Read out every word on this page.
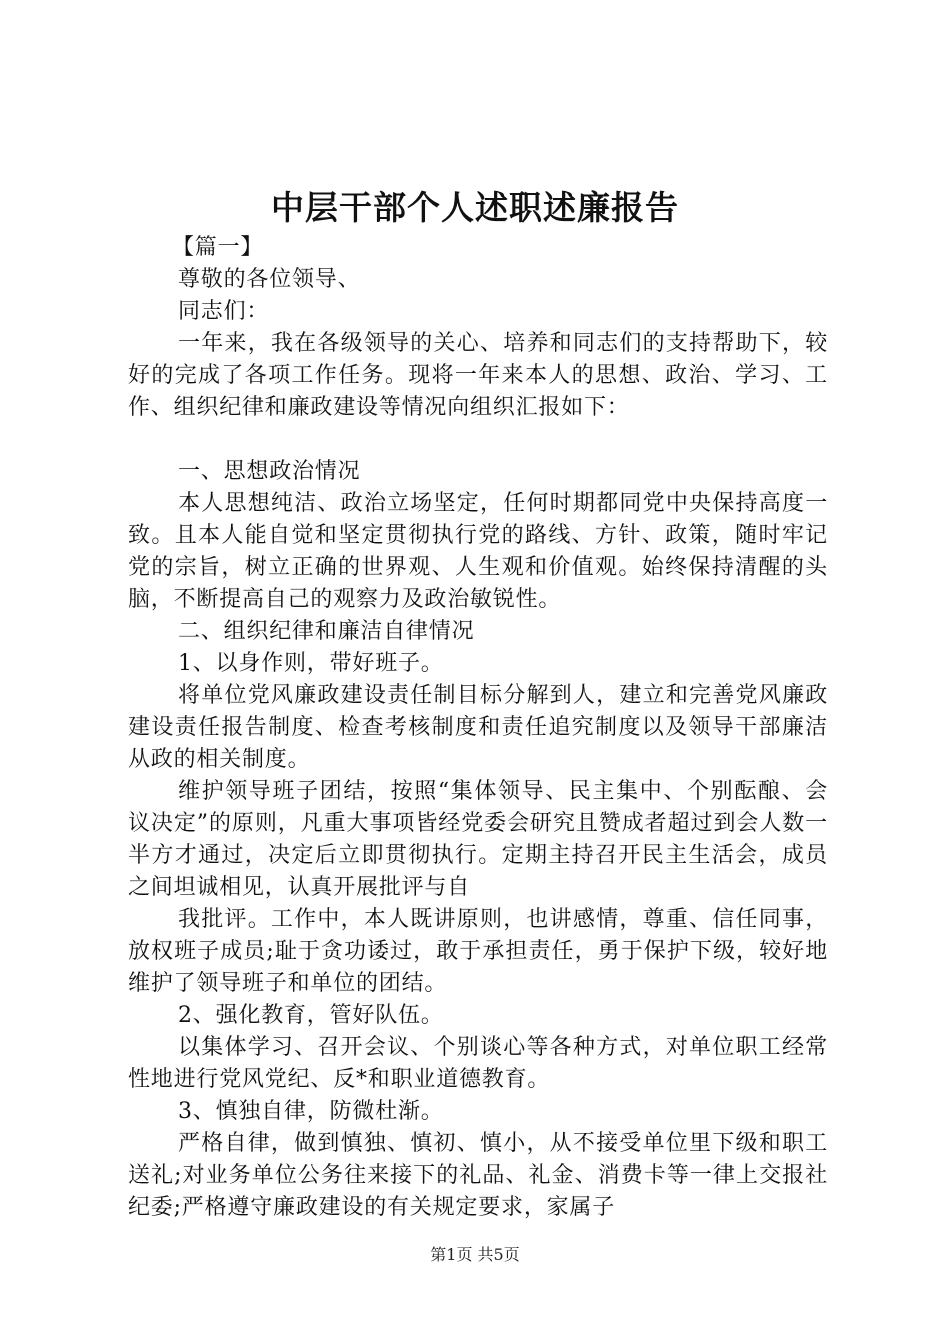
中层干部个人述职述廉报告

【篇一】

尊敬的各位领导、

同志们：

一年来，我在各级领导的关心、培养和同志们的支持帮助下，较好的完成了各项工作任务。现将一年来本人的思想、政治、学习、工作、组织纪律和廉政建设等情况向组织汇报如下：

一、思想政治情况

本人思想纯洁、政治立场坚定，任何时期都同党中央保持高度一致。且本人能自觉和坚定贯彻执行党的路线、方针、政策，随时牢记党的宗旨，树立正确的世界观、人生观和价值观。始终保持清醒的头脑，不断提高自己的观察力及政治敏锐性。

二、组织纪律和廉洁自律情况

1、以身作则，带好班子。

将单位党风廉政建设责任制目标分解到人，建立和完善党风廉政建设责任报告制度、检查考核制度和责任追究制度以及领导干部廉洁从政的相关制度。

维护领导班子团结，按照“集体领导、民主集中、个别酝酿、会议决定”的原则，凡重大事项皆经党委会研究且赞成者超过到会人数一半方才通过，决定后立即贯彻执行。定期主持召开民主生活会，成员之间坦诚相见，认真开展批评与自

我批评。工作中，本人既讲原则，也讲感情，尊重、信任同事，放权班子成员;耻于贪功诿过，敢于承担责任，勇于保护下级，较好地维护了领导班子和单位的团结。

2、强化教育，管好队伍。

以集体学习、召开会议、个别谈心等各种方式，对单位职工经常性地进行党风党纪、反*和职业道德教育。

3、慎独自律，防微杜渐。

严格自律，做到慎独、慎初、慎小，从不接受单位里下级和职工送礼;对业务单位公务往来接下的礼品、礼金、消费卡等一律上交报社纪委;严格遵守廉政建设的有关规定要求，家属子

第1页 共5页
